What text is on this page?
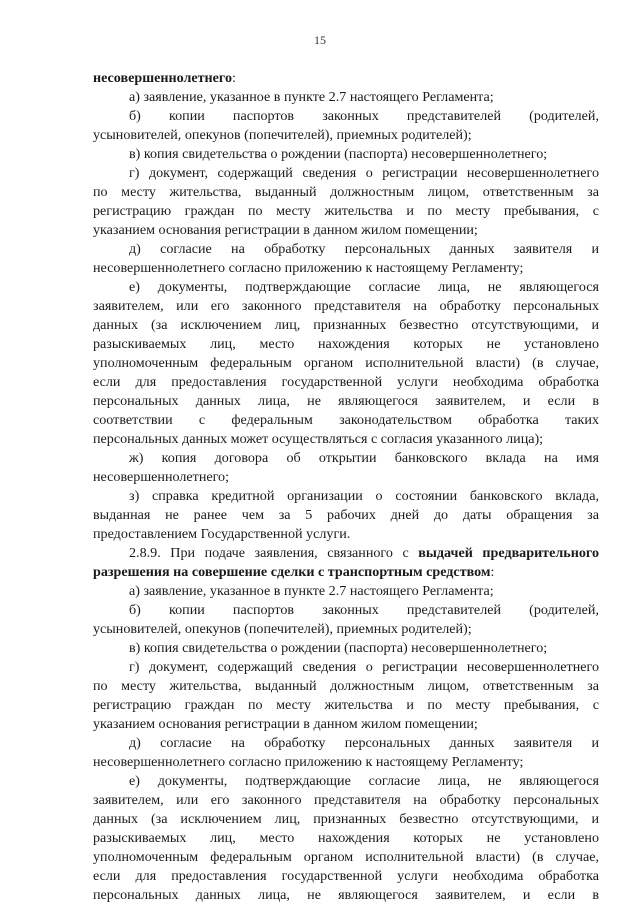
15
несовершеннолетнего:
а) заявление, указанное в пункте 2.7 настоящего Регламента;
б) копии паспортов законных представителей (родителей,
усыновителей, опекунов (попечителей), приемных родителей);
в) копия свидетельства о рождении (паспорта) несовершеннолетнего;
г) документ, содержащий сведения о регистрации несовершеннолетнего
по месту жительства, выданный должностным лицом, ответственным за
регистрацию граждан по месту жительства и по месту пребывания, с
указанием основания регистрации в данном жилом помещении;
д) согласие на обработку персональных данных заявителя и
несовершеннолетнего согласно приложению к настоящему Регламенту;
е) документы, подтверждающие согласие лица, не являющегося
заявителем, или его законного представителя на обработку персональных
данных (за исключением лиц, признанных безвестно отсутствующими, и
разыскиваемых лиц, место нахождения которых не установлено
уполномоченным федеральным органом исполнительной власти) (в случае,
если для предоставления государственной услуги необходима обработка
персональных данных лица, не являющегося заявителем, и если в
соответствии с федеральным законодательством обработка таких
персональных данных может осуществляться с согласия указанного лица);
ж) копия договора об открытии банковского вклада на имя
несовершеннолетнего;
з) справка кредитной организации о состоянии банковского вклада,
выданная не ранее чем за 5 рабочих дней до даты обращения за
предоставлением Государственной услуги.
2.8.9. При подаче заявления, связанного с выдачей предварительного
разрешения на совершение сделки с транспортным средством:
а) заявление, указанное в пункте 2.7 настоящего Регламента;
б) копии паспортов законных представителей (родителей,
усыновителей, опекунов (попечителей), приемных родителей);
в) копия свидетельства о рождении (паспорта) несовершеннолетнего;
г) документ, содержащий сведения о регистрации несовершеннолетнего
по месту жительства, выданный должностным лицом, ответственным за
регистрацию граждан по месту жительства и по месту пребывания, с
указанием основания регистрации в данном жилом помещении;
д) согласие на обработку персональных данных заявителя и
несовершеннолетнего согласно приложению к настоящему Регламенту;
е) документы, подтверждающие согласие лица, не являющегося
заявителем, или его законного представителя на обработку персональных
данных (за исключением лиц, признанных безвестно отсутствующими, и
разыскиваемых лиц, место нахождения которых не установлено
уполномоченным федеральным органом исполнительной власти) (в случае,
если для предоставления государственной услуги необходима обработка
персональных данных лица, не являющегося заявителем, и если в
